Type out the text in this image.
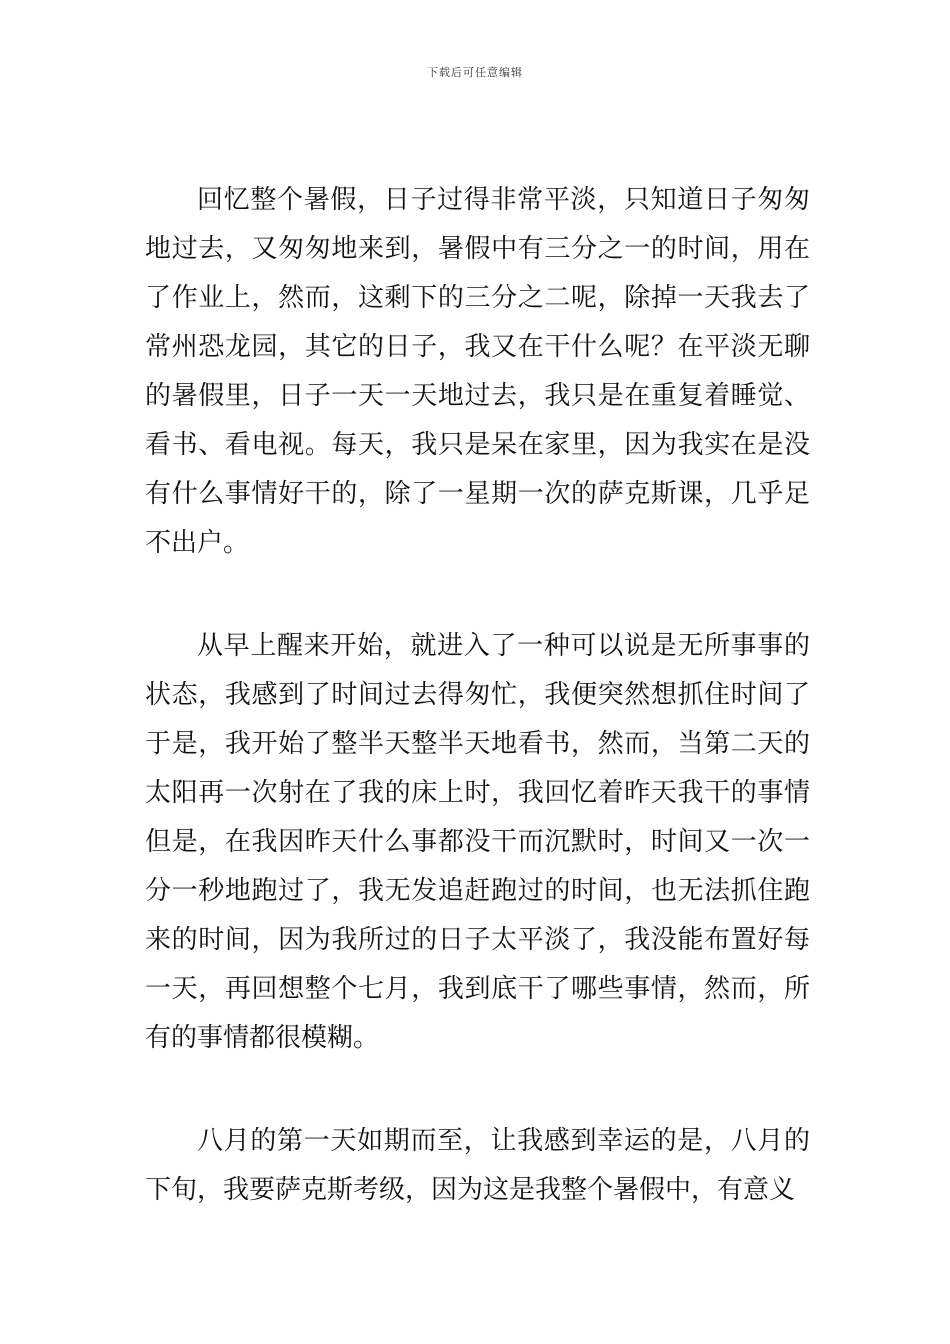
下载后可任意编辑

回忆整个暑假，日子过得非常平淡，只知道日子匆匆地过去，又匆匆地来到，暑假中有三分之一的时间，用在了作业上，然而，这剩下的三分之二呢，除掉一天我去了常州恐龙园，其它的日子，我又在干什么呢？在平淡无聊的暑假里，日子一天一天地过去，我只是在重复着睡觉、看书、看电视。每天，我只是呆在家里，因为我实在是没有什么事情好干的，除了一星期一次的萨克斯课，几乎足不出户。

从早上醒来开始，就进入了一种可以说是无所事事的状态，我感到了时间过去得匆忙，我便突然想抓住时间了于是，我开始了整半天整半天地看书，然而，当第二天的太阳再一次射在了我的床上时，我回忆着昨天我干的事情但是，在我因昨天什么事都没干而沉默时，时间又一次一分一秒地跑过了，我无发追赶跑过的时间，也无法抓住跑来的时间，因为我所过的日子太平淡了，我没能布置好每一天，再回想整个七月，我到底干了哪些事情，然而，所有的事情都很模糊。

八月的第一天如期而至，让我感到幸运的是，八月的下旬，我要萨克斯考级，因为这是我整个暑假中，有意义
